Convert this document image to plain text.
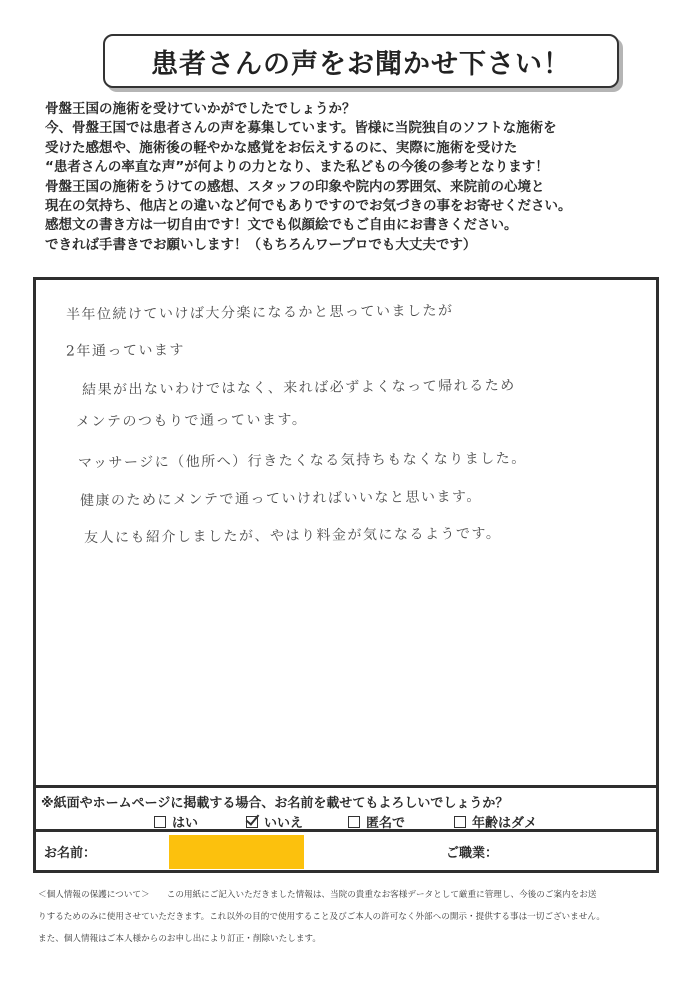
患者さんの声をお聞かせ下さい！
骨盤王国の施術を受けていかがでしたでしょうか？
今、骨盤王国では患者さんの声を募集しています。皆様に当院独自のソフトな施術を
受けた感想や、施術後の軽やかな感覚をお伝えするのに、実際に施術を受けた
“患者さんの率直な声”が何よりの力となり、また私どもの今後の参考となります！
骨盤王国の施術をうけての感想、スタッフの印象や院内の雰囲気、来院前の心境と
現在の気持ち、他店との違いなど何でもありですのでお気づきの事をお寄せください。
感想文の書き方は一切自由です！文でも似顔絵でもご自由にお書きください。
できれば手書きでお願いします！（もちろんワープロでも大丈夫です）
半年位続けていけば大分楽になるかと思っていましたが
2年通っています
結果が出ないわけではなく、来れば必ずよくなって帰れるため
メンテのつもりで通っています。
マッサージに（他所へ）行きたくなる気持ちもなくなりました。
健康のためにメンテで通っていければいいなと思います。
友人にも紹介しましたが、やはり料金が気になるようです。
※紙面やホームページに掲載する場合、お名前を載せてもよろしいでしょうか？
はい	いいえ	匿名で	年齢はダメ
お名前：	ご職業：
＜個人情報の保護について＞　　この用紙にご記入いただきました情報は、当院の貴重なお客様データとして厳重に管理し、今後のご案内をお送
りするためのみに使用させていただきます。これ以外の目的で使用すること及びご本人の許可なく外部への開示・提供する事は一切ございません。
また、個人情報はご本人様からのお申し出により訂正・削除いたします。
